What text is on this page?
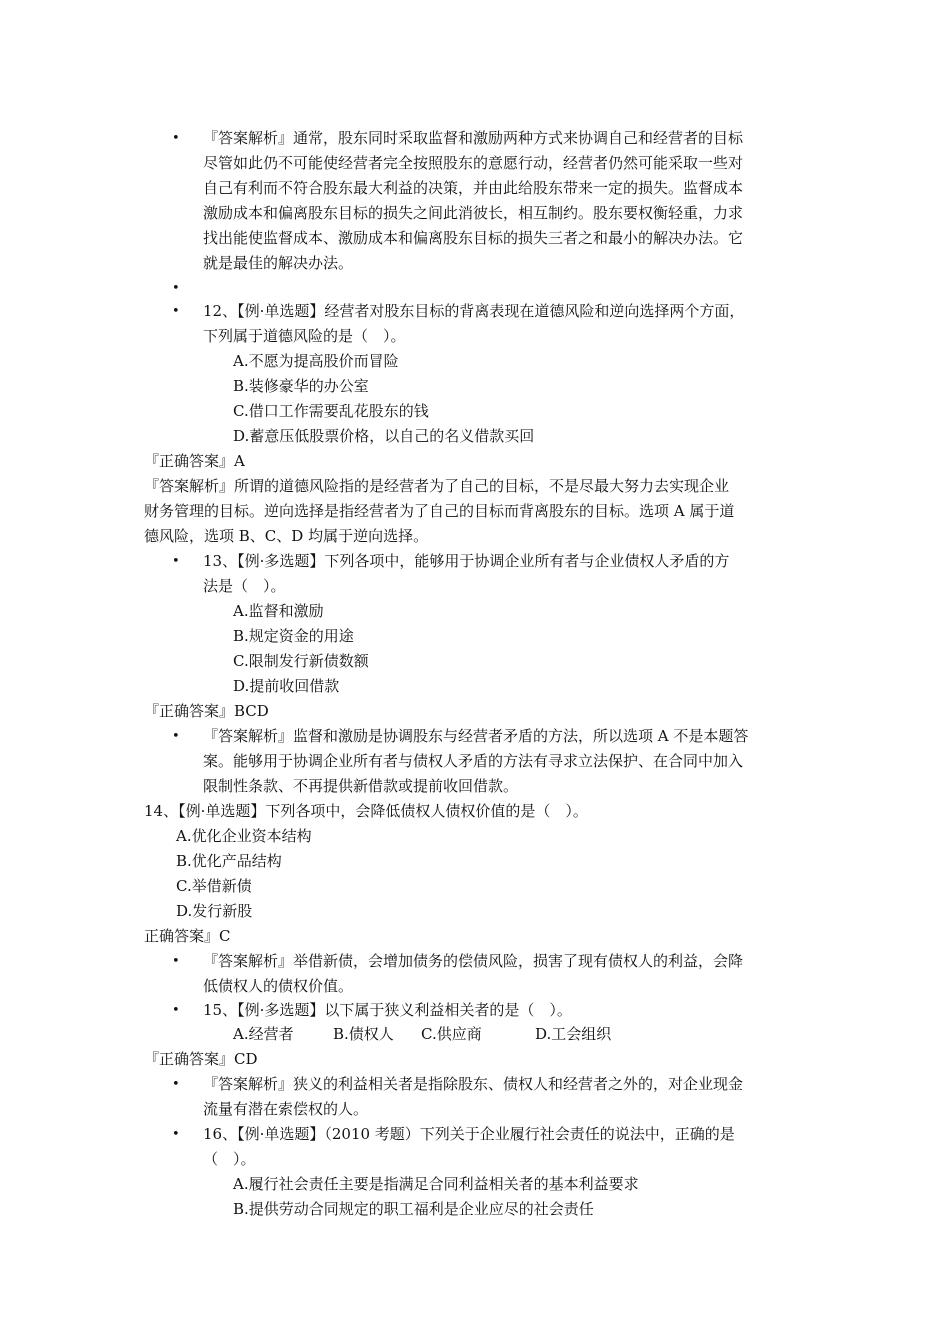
•
『答案解析』通常，股东同时采取监督和激励两种方式来协调自己和经营者的目标
尽管如此仍不可能使经营者完全按照股东的意愿行动，经营者仍然可能采取一些对
自己有利而不符合股东最大利益的决策，并由此给股东带来一定的损失。监督成本
激励成本和偏离股东目标的损失之间此消彼长，相互制约。股东要权衡轻重，力求
找出能使监督成本、激励成本和偏离股东目标的损失三者之和最小的解决办法。它
就是最佳的解决办法。
•
•
12、【例·单选题】经营者对股东目标的背离表现在道德风险和逆向选择两个方面，
下列属于道德风险的是（　）。
A.不愿为提高股价而冒险
B.装修豪华的办公室
C.借口工作需要乱花股东的钱
D.蓄意压低股票价格，以自己的名义借款买回
『正确答案』A
『答案解析』所谓的道德风险指的是经营者为了自己的目标，不是尽最大努力去实现企业
财务管理的目标。逆向选择是指经营者为了自己的目标而背离股东的目标。选项 A 属于道
德风险，选项 B、C、D 均属于逆向选择。
•
13、【例·多选题】下列各项中，能够用于协调企业所有者与企业债权人矛盾的方
法是（　）。
A.监督和激励
B.规定资金的用途
C.限制发行新债数额
D.提前收回借款
『正确答案』BCD
•
『答案解析』监督和激励是协调股东与经营者矛盾的方法，所以选项 A 不是本题答
案。能够用于协调企业所有者与债权人矛盾的方法有寻求立法保护、在合同中加入
限制性条款、不再提供新借款或提前收回借款。
14、【例·单选题】下列各项中，会降低债权人债权价值的是（　）。
A.优化企业资本结构
B.优化产品结构
C.举借新债
D.发行新股
正确答案』C
•
『答案解析』举借新债，会增加债务的偿债风险，损害了现有债权人的利益，会降
低债权人的债权价值。
•
15、【例·多选题】以下属于狭义利益相关者的是（　）。
A.经营者	B.债权人 C.供应商	D.工会组织
『正确答案』CD
•
『答案解析』狭义的利益相关者是指除股东、债权人和经营者之外的，对企业现金
流量有潜在索偿权的人。
•
16、【例·单选题】（2010 考题）下列关于企业履行社会责任的说法中，正确的是
（　）。
A.履行社会责任主要是指满足合同利益相关者的基本利益要求
B.提供劳动合同规定的职工福利是企业应尽的社会责任
